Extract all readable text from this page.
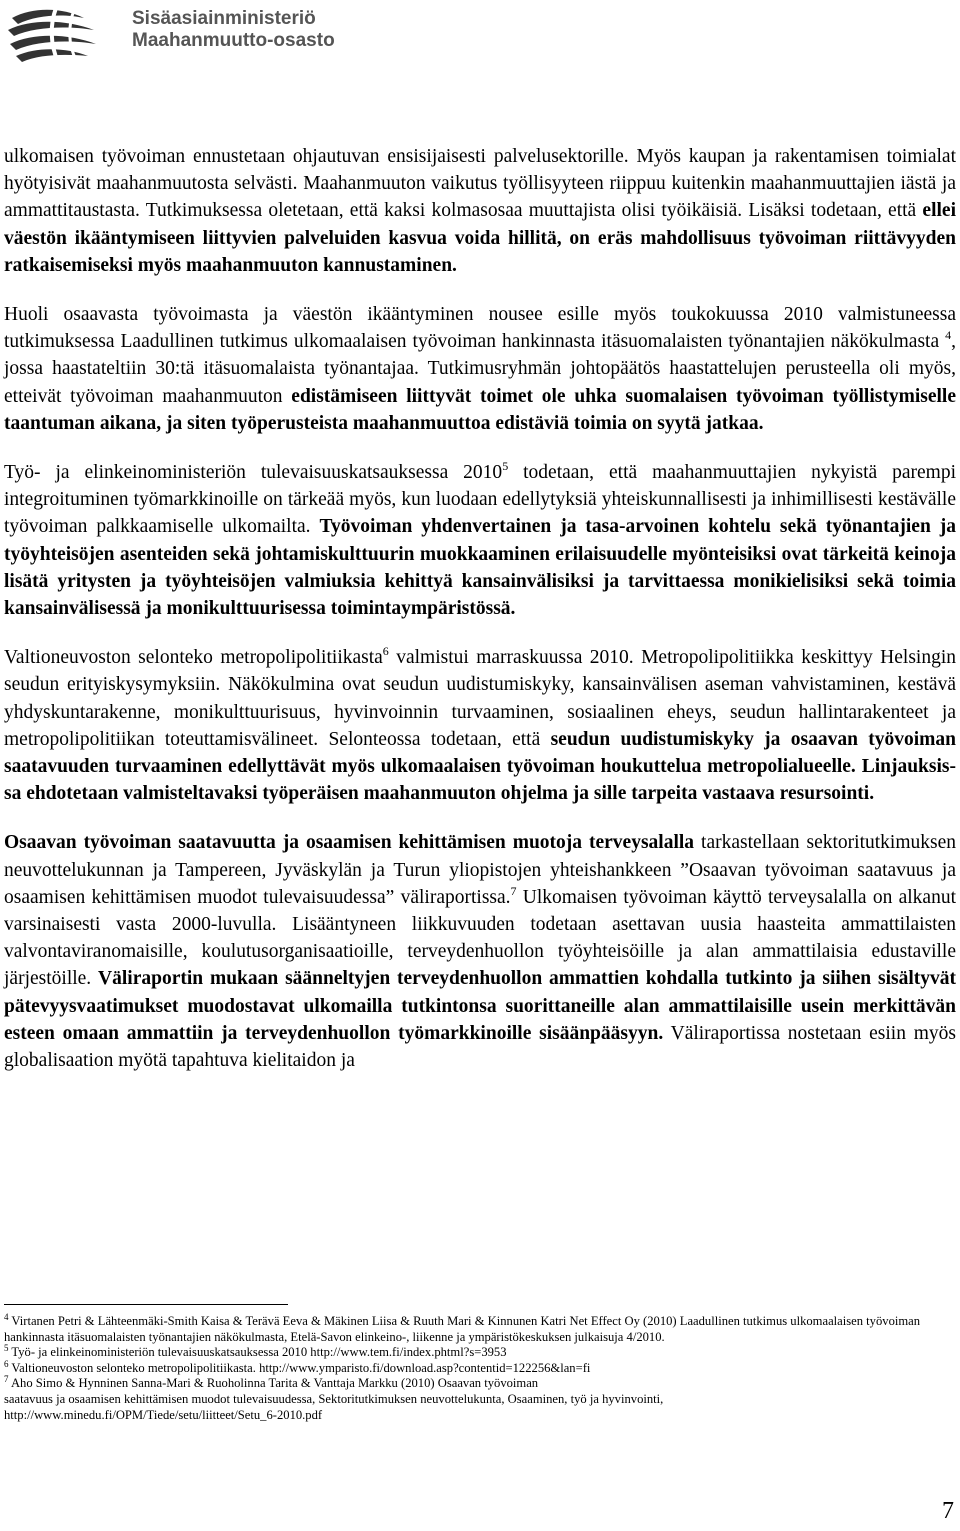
Sisäasiainministeriö
Maahanmuutto-osasto

ulkomaisen työvoiman ennustetaan ohjautuvan ensisijaisesti palvelusektorille. Myös kaupan ja rakentamisen toimialat hyötyisivät maahanmuutosta selvästi. Maahanmuuton vaikutus työllisyyteen riippuu kuitenkin maahanmuuttajien iästä ja ammattitaustasta. Tutkimuksessa oletetaan, että kaksi kolmasosaa muuttajista olisi työikäisiä. Lisäksi todetaan, että ellei väestön ikääntymiseen liittyvien palveluiden kasvua voida hillitä, on eräs mahdollisuus työvoiman riittävyyden ratkaisemiseksi myös maahanmuuton kannustaminen.

Huoli osaavasta työvoimasta ja väestön ikääntyminen nousee esille myös toukokuussa 2010 valmistuneessa tutkimuksessa Laadullinen tutkimus ulkomaalaisen työvoiman hankinnasta itäsuomalaisten työnantajien näkökulmasta $^4$, jossa haastateltiin 30:tä itäsuomalaista työnantajaa. Tutkimusryhmän johtopäätös haastattelujen perusteella oli myös, etteivät työvoiman maahanmuuton edistämiseen liittyvät toimet ole uhka suomalaisen työvoiman työllistymiselle taantuman aikana, ja siten työperusteista maahanmuuttoa edistäviä toimia on syytä jatkaa.

Työ- ja elinkeinoministeriön tulevaisuuskatsauksessa 2010$^5$ todetaan, että maahanmuuttajien nykyistä parempi integroituminen työmarkkinoille on tärkeää myös, kun luodaan edellytyksiä yhteiskunnallisesti ja inhimillisesti kestävälle työvoiman palkkaamiselle ulkomailta. Työvoiman yhdenvertainen ja tasa-arvoinen kohtelu sekä työnantajien ja työyhteisöjen asenteiden sekä johtamiskulttuurin muokkaaminen erilaisuudelle myönteisiksi ovat tärkeitä keinoja lisätä yritysten ja työyhteisöjen valmiuksia kehittyä kansainvälisiksi ja tarvittaessa monikielisiksi sekä toimia kansainvälisessä ja monikulttuurisessa toimintaympäristössä.

Valtioneuvoston selonteko metropolipolitiikasta$^6$ valmistui marraskuussa 2010. Metropolipolitiikka keskittyy Helsingin seudun erityiskysymyksiin. Näkökulmina ovat seudun uudistumiskyky, kansainvälisen aseman vahvistaminen, kestävä yhdyskuntarakenne, monikulttuurisuus, hyvinvoinnin turvaaminen, sosiaalinen eheys, seudun hallintarakenteet ja metropolipolitiikan toteuttamisvälineet. Selonteossa todetaan, että seudun uudistumiskyky ja osaavan työvoiman saatavuuden turvaaminen edellyttävät myös ulkomaalaisen työvoiman houkuttelua metropolialueelle. Linjauksissa ehdotetaan valmisteltavaksi työperäisen maahanmuuton ohjelma ja sille tarpeita vastaava resursointi.

Osaavan työvoiman saatavuutta ja osaamisen kehittämisen muotoja terveysalalla tarkastellaan sektoritutkimuksen neuvottelukunnan ja Tampereen, Jyväskylän ja Turun yliopistojen yhteishankkeen ”Osaavan työvoiman saatavuus ja osaamisen kehittämisen muodot tulevaisuudessa” väliraportissa.$^7$ Ulkomaisen työvoiman käyttö terveysalalla on alkanut varsinaisesti vasta 2000-luvulla. Lisääntyneen liikkuvuuden todetaan asettavan uusia haasteita ammattilaisten valvontaviranomaisille, koulutusorganisaatioille, terveydenhuollon työyhteisöille ja alan ammattilaisia edustaville järjestöille. Väliraportin mukaan säänneltyjen terveydenhuollon ammattien kohdalla tutkinto ja siihen sisältyvät pätevyysvaatimukset muodostavat ulkomailla tutkintonsa suorittaneille alan ammattilaisille usein merkittävän esteen omaan ammattiin ja terveydenhuollon työmarkkinoille sisäänpääsyyn. Väliraportissa nostetaan esiin myös globalisaation myötä tapahtuva kielitaidon ja

$^4$ Virtanen Petri & Lähteenmäki-Smith Kaisa & Terävä Eeva & Mäkinen Liisa & Ruuth Mari & Kinnunen Katri Net Effect Oy (2010) Laadullinen tutkimus ulkomaalaisen työvoiman hankinnasta itäsuomalaisten työnantajien näkökulmasta, Etelä-Savon elinkeino-, liikenne ja ympäristökeskuksen julkaisuja 4/2010.
$^5$ Työ- ja elinkeinoministeriön tulevaisuuskatsauksessa 2010 http://www.tem.fi/index.phtml?s=3953
$^6$ Valtioneuvoston selonteko metropolipolitiikasta. http://www.ymparisto.fi/download.asp?contentid=122256&lan=fi
$^7$ Aho Simo & Hynninen Sanna-Mari & Ruoholinna Tarita & Vanttaja Markku (2010) Osaavan työvoiman
saatavuus ja osaamisen kehittämisen muodot tulevaisuudessa, Sektoritutkimuksen neuvottelukunta, Osaaminen, työ ja hyvinvointi,
http://www.minedu.fi/OPM/Tiede/setu/liitteet/Setu_6-2010.pdf
7
